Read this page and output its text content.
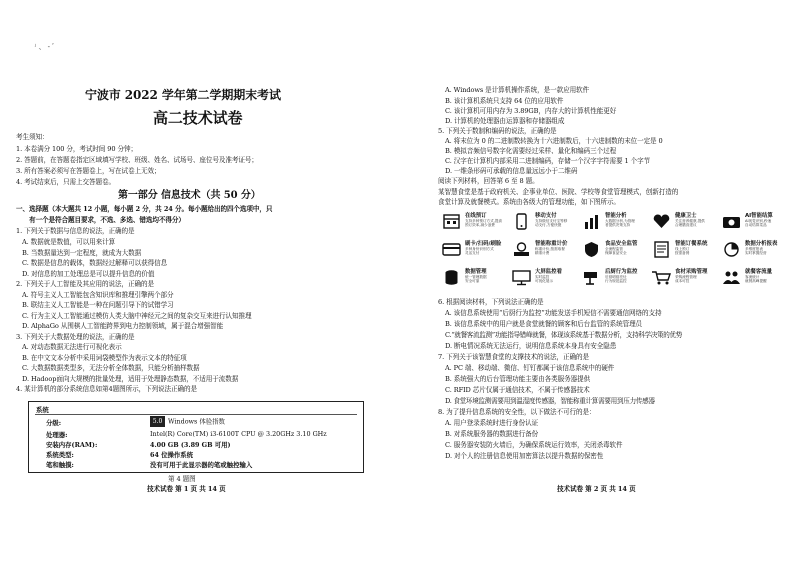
ꜜ 、 - ﾞ
宁波市 2022 学年第二学期期末考试
高二技术试卷
考生须知：
1. 本卷满分 100 分，考试时间 90 分钟；
2. 答题前，在答题卷指定区域填写学校、班级、姓名、试场号、座位号及准考证号；
3. 所有答案必须写在答题卷上，写在试卷上无效；
4. 考试结束后，只需上交答题卷。
第一部分 信息技术（共 50 分）
一、选择题（本大题共 12 小题，每小题 2 分，共 24 分。每小题给出的四个选项中，只
有一个是符合题目要求，不选、多选、错选均不得分）
1. 下列关于数据与信息的说法，正确的是
A. 数据就是数值，可以用来计算
B. 当数据量达到一定程度，就成为大数据
C. 数据是信息的载体，数据经过解释可以获得信息
D. 对信息的加工处理总是可以提升信息的价值
2. 下列关于人工智能及其应用的说法，正确的是
A. 符号主义人工智能包含知识库和推理引擎两个部分
B. 联结主义人工智能是一种在问题引导下的试错学习
C. 行为主义人工智能通过模仿人类大脑中神经元之间的复杂交互来进行认知推理
D. AlphaGo 从围棋人工智能跨界到电力控制领域，属于混合增强智能
3. 下列关于大数据处理的说法，正确的是
A. 对动态数据无法进行可视化表示
B. 在中文文本分析中采用词袋模型作为表示文本的特征项
C. 大数据数据类型多，无法分析全体数据，只能分析抽样数据
D. Hadoop面向大规模的批量处理，适用于处理静态数据，不适用于流数据
4. 某计算机的部分系统信息如第4题图所示，下列说法正确的是
系统
分级:	5.0 Windows 体验指数
处理器:	Intel(R) Core(TM) i3-6100T CPU @ 3.20GHz 3.10 GHz
安装内存(RAM):	4.00 GB (3.89 GB 可用)
系统类型:	64 位操作系统
笔和触摸:	没有可用于此显示器的笔或触控输入
第 4 题图
技术试卷 第 1 页 共 14 页
A. Windows 是计算机操作系统，是一款应用软件
B. 该计算机系统只支持 64 位的应用软件
C. 该计算机可用内存为 3.89GB，内存大的计算机性能更好
D. 计算机的处理器由运算器和存储器组成
5. 下列关于数制和编码的说法，正确的是
A. 将末位为 0 的二进制数转换为十六进制数后，十六进制数的末位一定是 0
B. 模拟音频信号数字化需要经过采样、量化和编码三个过程
C. 汉字在计算机内部采用二进制编码，存储一个汉字字符需要 1 个字节
D. 一维条形码可承载的信息量远远小于二维码
阅读下列材料，回答第 6 至 8 题。
某智慧食堂是基于政府机关、企事业单位、医院、学校等食堂管理模式，创新打造的
食堂计算及就餐模式。系统由各级大的管理功能，如下图所示。
在线预订
支持多种预订方式,提高
预订效率,减少浪费
移动支付
支持微信支付宝等移
动支付,方便快捷
智能分析
大数据分析,为管理
者提供决策支持
健康卫士
关注营养健康,提供
合理膳食建议
AI智能结算
AI视觉识别,秒速
自动结算菜品
刷卡/扫码/刷脸
多种身份识别方式
灵活支付
智能称重计价
称重计价,按需取餐
精准计费
食品安全监管
全流程监管
保障食品安全
智能订餐系统
线上预订
按需备餐
数据分析报表
多维度报表
实时掌握经营
数据管理
统一管理数据
安全可靠
大屏监控看
实时监控
可视化展示
后厨行为监控
后厨明厨亮灶
行为规范监控
食材采购管理
采购流程管理
成本可控
就餐客流量
客流统计
就餐高峰提醒
6. 根据阅读材料，下列说法正确的是
A. 该信息系统使用“后厨行为监控”功能发送手机短信不需要通信网络的支持
B. 该信息系统中的用户就是食堂就餐的顾客和后台监管的系统管理员
C.“就餐客流监测”功能指导错峰就餐，体现该系统基于数据分析，支持科学决策的优势
D. 断电情况系统无法运行，说明信息系统本身具有安全隐患
7. 下列关于该智慧食堂的支撑技术的说法，正确的是
A. PC 端、移动端、微信、钉钉都属于该信息系统中的硬件
B. 系统强大的后台管理功能主要由各类服务器提供
C. RFID 芯片仅属于通信技术，不属于传感器技术
D. 食堂环境监测需要用到温湿度传感器，智能称重计算需要用到压力传感器
8. 为了提升信息系统的安全性，以下做法不可行的是：
A. 用户登录系统时进行身份认证
B. 对系统服务器的数据进行备份
C. 服务器安装防火墙后，为确保系统运行效率，关闭杀毒软件
D. 对个人的注册信息使用加密算法以提升数据的保密性
技术试卷 第 2 页 共 14 页
